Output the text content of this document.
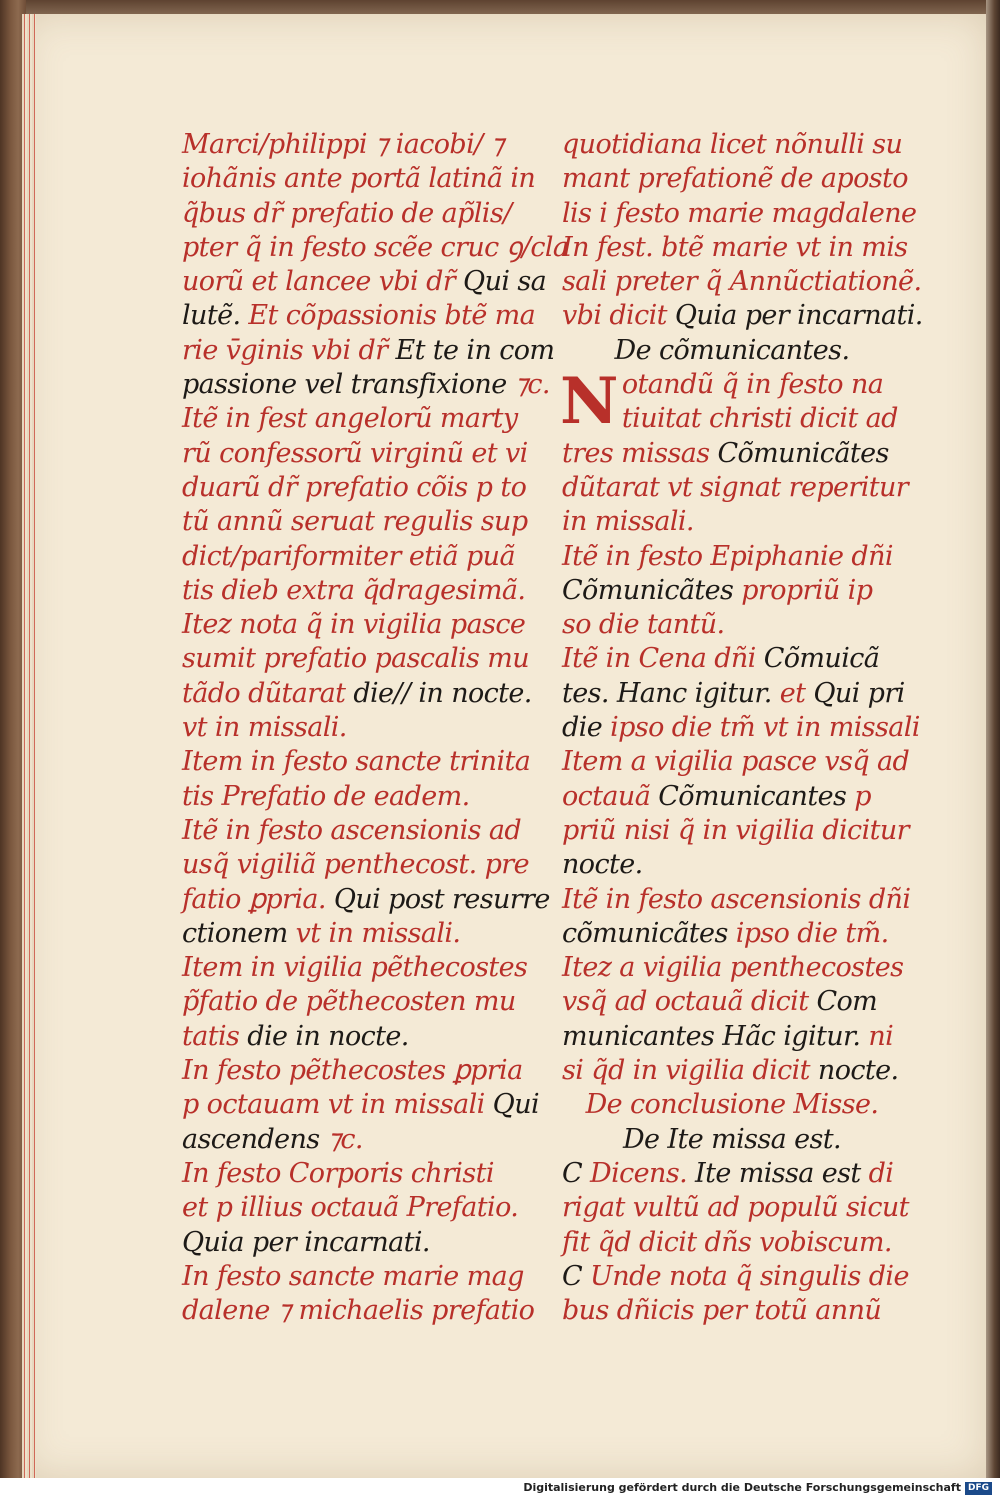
Marci/philippi ⁊ iacobi/ ⁊
iohãnis ante portã latinã in
q̃bus dr̃ prefatio de ap̃lis/
pter q̃ in festo scẽe cruc ꝯ/cla
uorũ et lancee vbi dr̃ Qui sa
lutẽ. Et cõpassionis btẽ ma
rie v̄ginis vbi dr̃ Et te in com
passione vel transfixione ⁊c.
Itẽ in fest angelorũ marty
rũ confessorũ virginũ et vi
duarũ dr̃ prefatio cõis p to
tũ annũ seruat regulis sup
dict/pariformiter etiã puã
tis dieb extra q̃dragesimã.
Itez nota q̃ in vigilia pasce
sumit prefatio pascalis mu
tãdo dũtarat die// in nocte.
vt in missali.
Item in festo sancte trinita
tis Prefatio de eadem.
Itẽ in festo ascensionis ad
usq̃ vigiliã penthecost. pre
fatio ꝑpria. Qui post resurre
ctionem vt in missali.
Item in vigilia pẽthecostes
p̃fatio de pẽthecosten mu
tatis die in nocte.
In festo pẽthecostes ꝑpria
p octauam vt in missali Qui
ascendens ⁊c.
In festo Corporis christi
et p illius octauã Prefatio.
Quia per incarnati.
In festo sancte marie mag
dalene ⁊ michaelis prefatio
quotidiana licet nõnulli su
mant prefationẽ de aposto
lis i festo marie magdalene
In fest. btẽ marie vt in mis
sali preter q̃ Annũctiationẽ.
vbi dicit Quia per incarnati.
De cõmunicantes.
Notandũ q̃ in festo na
tiuitat christi dicit ad
tres missas Cõmunicãtes
dũtarat vt signat reperitur
in missali.
Itẽ in festo Epiphanie dñi
Cõmunicãtes propriũ ip
so die tantũ.
Itẽ in Cena dñi Cõmuicã
tes. Hanc igitur. et Qui pri
die ipso die tm̃ vt in missali
Item a vigilia pasce vsq̃ ad
octauã Cõmunicantes p
priũ nisi q̃ in vigilia dicitur
nocte.
Itẽ in festo ascensionis dñi
cõmunicãtes ipso die tm̃.
Itez a vigilia penthecostes
vsq̃ ad octauã dicit Com
municantes Hãc igitur. ni
si q̃d in vigilia dicit nocte.
De conclusione Misse.
De Ite missa est.
C Dicens. Ite missa est di
rigat vultũ ad populũ sicut
fit q̃d dicit dñs vobiscum.
C Unde nota q̃ singulis die
bus dñicis per totũ annũ
Digitalisierung gefördert durch die Deutsche Forschungsgemeinschaft DFG
